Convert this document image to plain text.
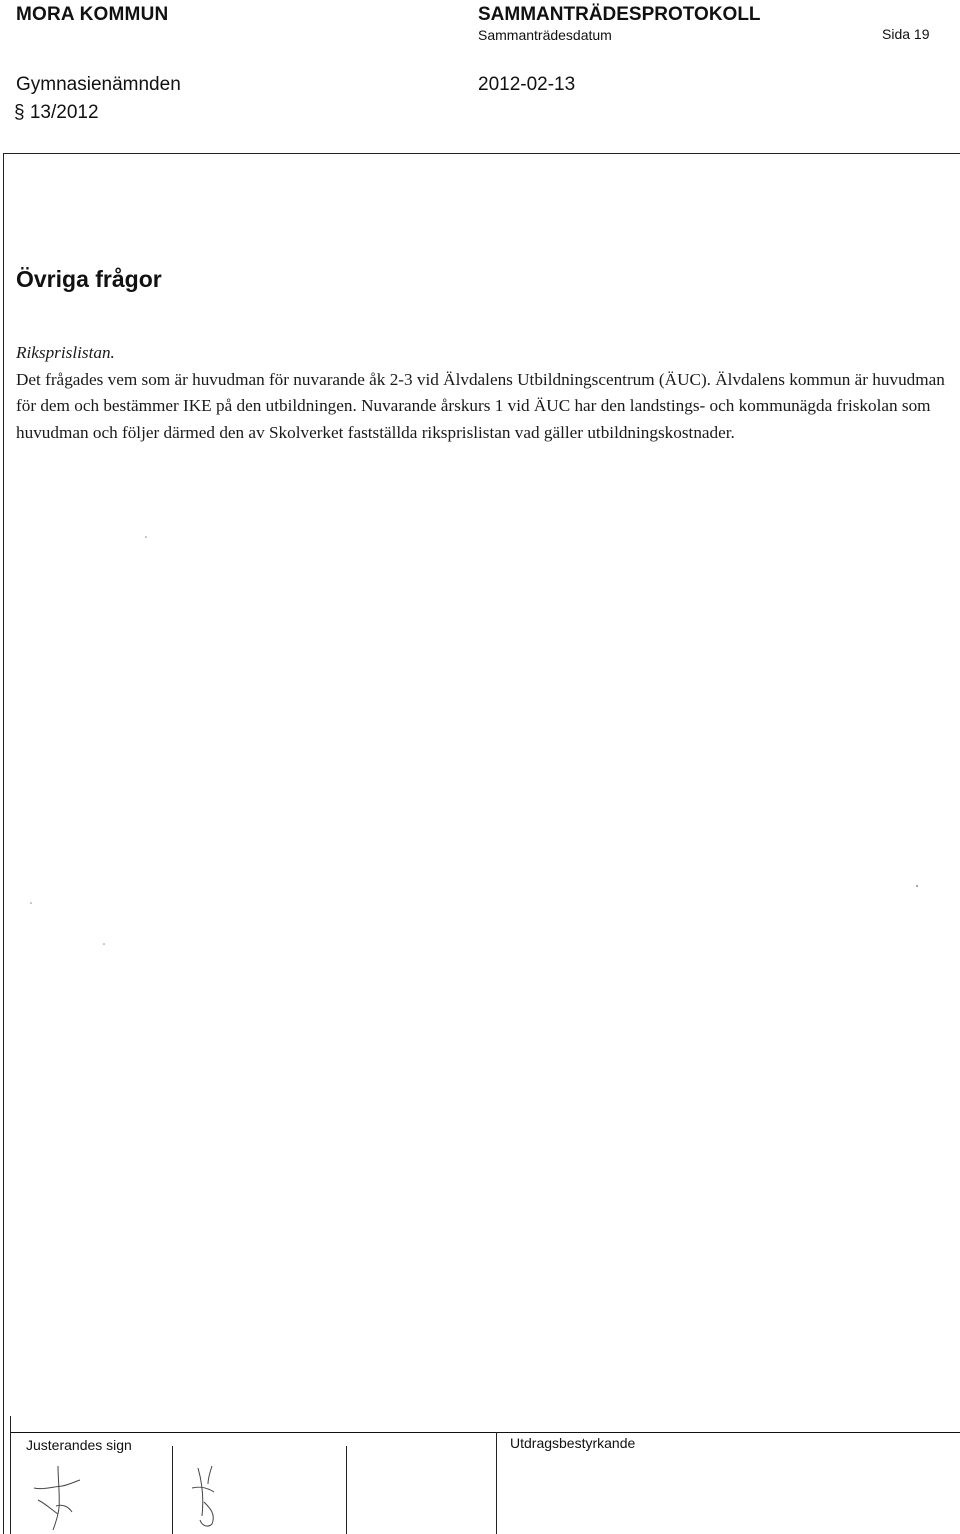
MORA KOMMUN	SAMMANTRÄDESPROTOKOLL
Sammanträdesdatum	Sida 19
Gymnasienämnden	2012-02-13
§ 13/2012
Övriga frågor

Riksprislistan.

Det frågades vem som är huvudman för nuvarande åk 2-3 vid Älvdalens Utbildningscentrum (ÄUC). Älvdalens kommun är huvudman för dem och bestämmer IKE på den utbildningen. Nuvarande årskurs 1 vid ÄUC har den landstings- och kommunägda friskolan som huvudman och följer därmed den av Skolverket fastställda riksprislistan vad gäller utbildningskostnader.

Justerandes sign	Utdragsbestyrkande
